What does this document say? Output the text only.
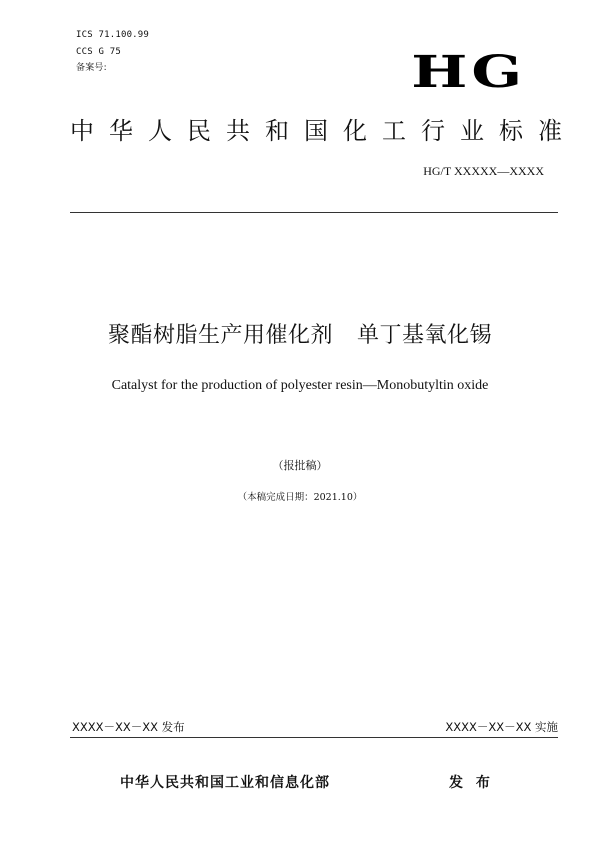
ICS 71.100.99
CCS G 75
备案号:	HG
中华人民共和国化工行业标准
HG/T XXXXX—XXXX
聚酯树脂生产用催化剂 单丁基氧化锡
Catalyst for the production of polyester resin—Monobutyltin oxide
（报批稿）
（本稿完成日期：2021.10）
XXXX－XX－XX 发布	XXXX－XX－XX 实施
中华人民共和国工业和信息化部	发 布
